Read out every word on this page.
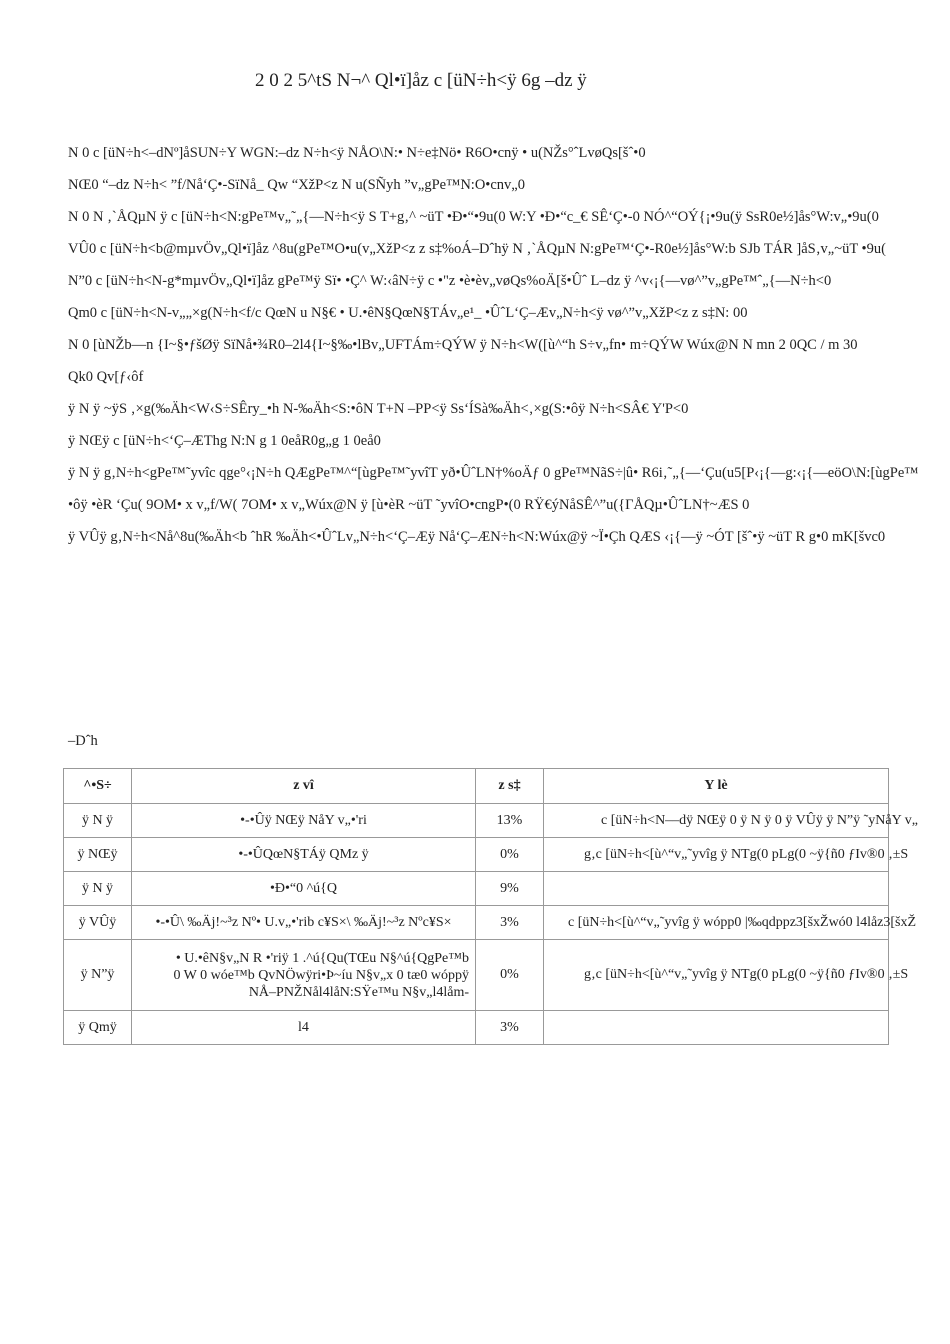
2 0 2 5^tS N¬^ Ql•ï]åz c [üN÷h<ÿ 6g –dz ÿ
N 0 c [üN÷h<–dNº]åSUN÷Y WGN:–dz N÷h<ÿ NÅO\N:• N÷e‡Nö• R6O•cnÿ • u(NŽs°ˆLvøQs[šˆ•0
NŒ0 “–dz N÷h< ”f/Nå‘Ç•-SïNå_ Qw “XžP<z N u(SÑyh ”v„gPe™N:O•cnv„0
N 0 N ‚`ÅQµN ÿ c [üN÷h<N:gPe™v„˜„{—N÷h<ÿ S T+g‚^ ~üT •Ð•“•9u(0 W:Y •Ð•“c_€ SÊ‘Ç•-0 NÓ^“OÝ{¡•9u(ÿ SsR0e½]ås°W:v„•9u(0
VÛ0 c [üN÷h<b@mµvÖv„Ql•ï]åz ^8u(gPe™O•u(v„XžP<z z s‡%oÁ–Dˆhÿ N ‚`ÅQµN N:gPe™‘Ç•-R0e½]ås°W:b SJb TÁR ]åS‚v„~üT •9u(
N”0 c [üN÷h<N-g*mµvÖv„Ql•ï]åz gPe™ÿ Sï• •Ç^ W:‹âN÷ÿ c •"z •è•èv„vøQs%oÄ[š•Ûˆ L–dz ÿ ^v‹¡{—vø^”v„gPe™ˆ„{—N÷h<0
Qm0 c [üN÷h<N-v„„×g(N÷h<f/c QœN u N§€ • U.•êN§QœN§TÁv„e¹_ •ÛˆL‘Ç–Æv„N÷h<ÿ vø^”v„XžP<z z s‡N: 00
N 0 [ùNŽb—n {I~§•ƒšØÿ SïNå•¾R0–2l4{I~§‰•lBv„UFTÁm÷QÝW ÿ N÷h<W([ù^“h S÷v„fn• m÷QÝW Wúx@N N mn 2 0QC / m 30
Qk0 Qv[ƒ‹ôf
ÿ N ÿ ~ÿS ‚×g(‰Äh<W‹S÷SÊry_•h N-‰Äh<S:•ôN T+N –PP<ÿ Ss‘ÍSà‰Äh<‚×g(S:•ôÿ N÷h<SÂ€ Y'P<0
ÿ NŒÿ c [üN÷h<‘Ç–ÆThg N:N g 1 0eåR0g„g 1 0eå0
ÿ N ÿ g‚N÷h<gPe™˜yvîc qge°‹¡N÷h QÆgPe™^“[ùgPe™˜yvîT yð•ÛˆLN†%oÄƒ 0 gPe™NãS÷|û• R6i‚˜„{—‘Çu(u5[P‹¡{—g:‹¡{—eöO\N:[ùgPe™
•ôÿ •èR ‘Çu( 9OM• x v„f/W( 7OM• x v„Wúx@N ÿ [ù•èR ~üT ˜yvîO•cngP•(0 RŸ€ýNåSÊ^”u({ΓÅQµ•ÛˆLN†~ÆS 0
ÿ VÛÿ g‚N÷h<Nå^8u(‰Äh<b ˆhR ‰Äh<•ÛˆLv„N÷h<‘Ç–Æÿ Nå‘Ç–ÆN÷h<N:Wúx@ÿ ~Ï•Çh QÆS ‹¡{—ÿ ~ÓT [šˆ•ÿ ~üT R g•0 mK[švc0
–Dˆh
^•S÷	z vî	z s‡	Y lè
ÿ N ÿ	•-•Ûÿ NŒÿ NåY v„•'ri	13%	c [üN÷h<N––dÿ NŒÿ 0 ÿ N ÿ 0 ÿ VÛÿ ÿ N”ÿ ˜yNåY v„
ÿ NŒÿ	•-•ÛQœN§TÁÿ QMz ÿ	0%	g‚c [üN÷h<[ù^“v„˜yvîg ÿ NTg(0 pLg(0 ~ÿ{ñ0 ƒIv®0 ‚±S
ÿ N ÿ	•Ð•“0 ^ú{Q	9%	
ÿ VÛÿ	•-•Û\ ‰Äj!~³z Nº• U.v„•'rib c¥S×\ ‰Äj!~³z Nºc¥S×	3%	c [üN÷h<[ù^“v„˜yvîg ÿ wópp0 |‰qdppz3[šxŽwó0 l4låz3[šxŽ
ÿ N”ÿ	• U.•êN§v„N R •'riÿ 1 .^ú{Qu(TŒu N§^ú{QgPe™b
0 W 0 wóe™b QvNÖwÿri•Þ~íu N§v„x 0 tæ0 wóppÿ
NÅ–PNŽNål4låN:SŸe™u N§v„l4låm-	0%	g‚c [üN÷h<[ù^“v„˜yvîg ÿ NTg(0 pLg(0 ~ÿ{ñ0 ƒIv®0 ‚±S
ÿ Qmÿ	l4	3%	
